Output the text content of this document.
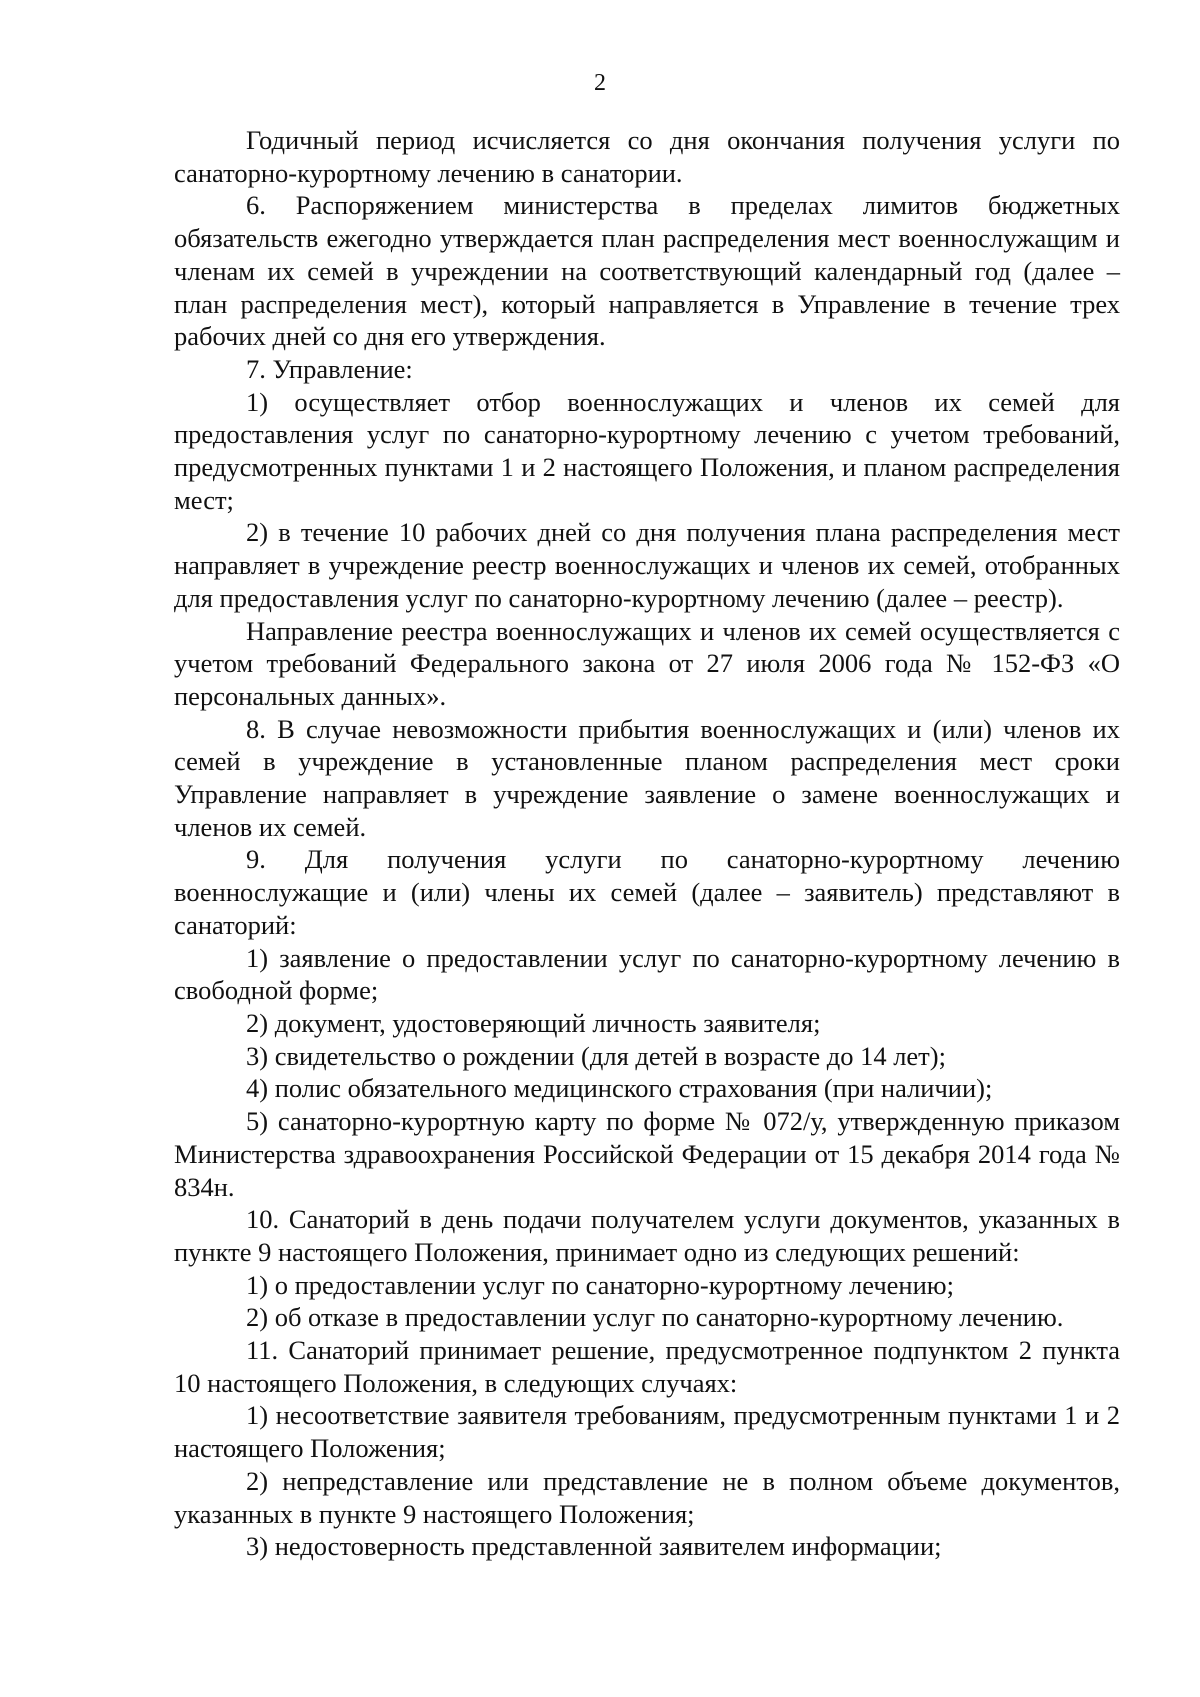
2

Годичный период исчисляется со дня окончания получения услуги по санаторно-курортному лечению в санатории.

6. Распоряжением министерства в пределах лимитов бюджетных обязательств ежегодно утверждается план распределения мест военнослужащим и членам их семей в учреждении на соответствующий календарный год (далее – план распределения мест), который направляется в Управление в течение трех рабочих дней со дня его утверждения.

7. Управление:

1) осуществляет отбор военнослужащих и членов их семей для предоставления услуг по санаторно-курортному лечению с учетом требований, предусмотренных пунктами 1 и 2 настоящего Положения, и планом распределения мест;

2) в течение 10 рабочих дней со дня получения плана распределения мест направляет в учреждение реестр военнослужащих и членов их семей, отобранных для предоставления услуг по санаторно-курортному лечению (далее – реестр).

Направление реестра военнослужащих и членов их семей осуществляется с учетом требований Федерального закона от 27 июля 2006 года № 152-ФЗ «О персональных данных».

8. В случае невозможности прибытия военнослужащих и (или) членов их семей в учреждение в установленные планом распределения мест сроки Управление направляет в учреждение заявление о замене военнослужащих и членов их семей.

9. Для получения услуги по санаторно-курортному лечению военнослужащие и (или) члены их семей (далее – заявитель) представляют в санаторий:

1) заявление о предоставлении услуг по санаторно-курортному лечению в свободной форме;

2) документ, удостоверяющий личность заявителя;

3) свидетельство о рождении (для детей в возрасте до 14 лет);

4) полис обязательного медицинского страхования (при наличии);

5) санаторно-курортную карту по форме № 072/у, утвержденную приказом Министерства здравоохранения Российской Федерации от 15 декабря 2014 года № 834н.

10. Санаторий в день подачи получателем услуги документов, указанных в пункте 9 настоящего Положения, принимает одно из следующих решений:

1) о предоставлении услуг по санаторно-курортному лечению;

2) об отказе в предоставлении услуг по санаторно-курортному лечению.

11. Санаторий принимает решение, предусмотренное подпунктом 2 пункта 10 настоящего Положения, в следующих случаях:

1) несоответствие заявителя требованиям, предусмотренным пунктами 1 и 2 настоящего Положения;

2) непредставление или представление не в полном объеме документов, указанных в пункте 9 настоящего Положения;

3) недостоверность представленной заявителем информации;
